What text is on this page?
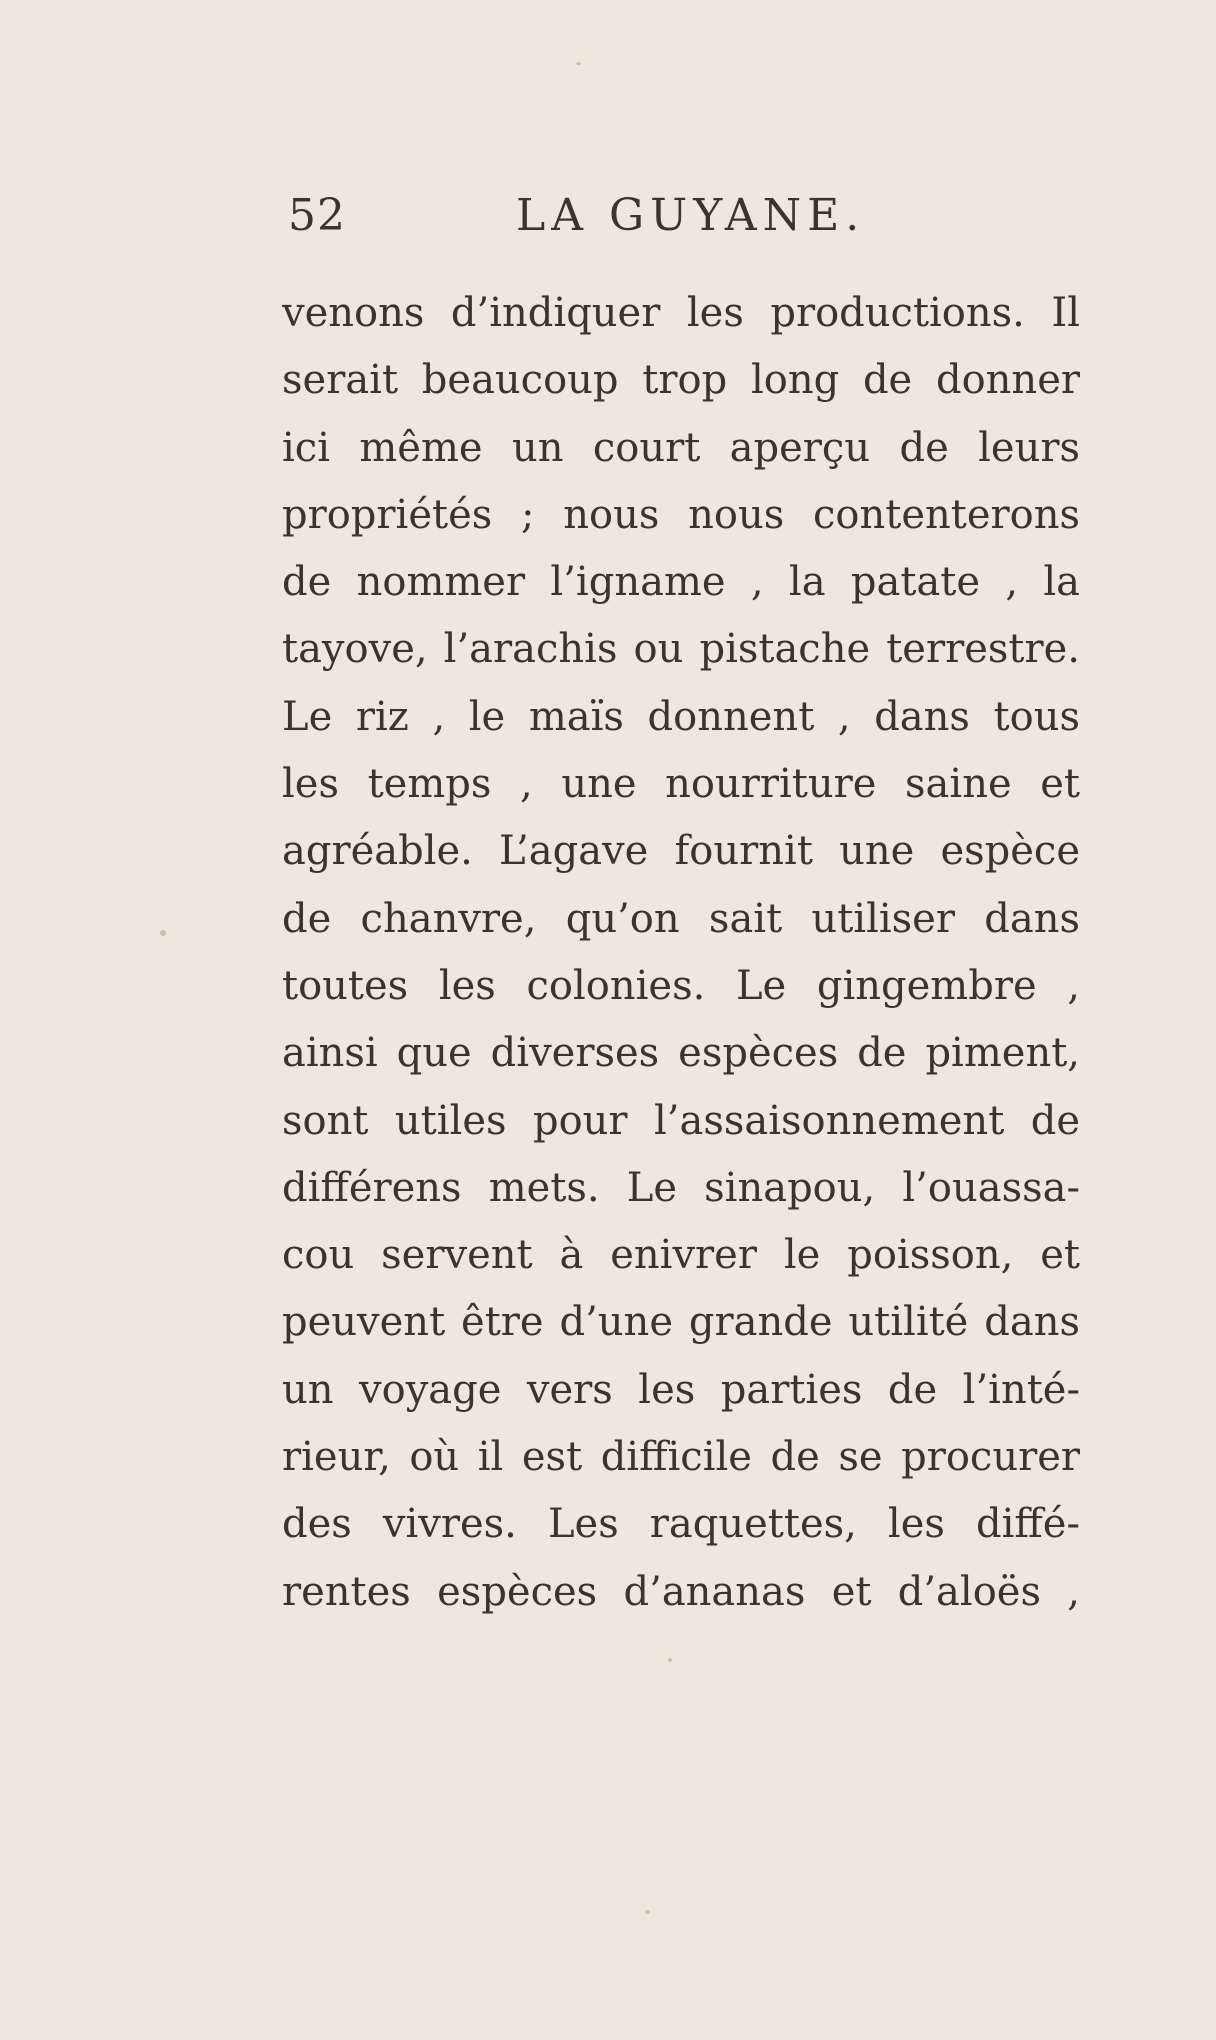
52	LA GUYANE.
venons d’indiquer les productions. Il
serait beaucoup trop long de donner
ici même un court aperçu de leurs
propriétés ; nous nous contenterons
de nommer l’igname , la patate , la
tayove, l’arachis ou pistache terrestre.
Le riz , le maïs donnent , dans tous
les temps , une nourriture saine et
agréable. L’agave fournit une espèce
de chanvre, qu’on sait utiliser dans
toutes les colonies. Le gingembre ,
ainsi que diverses espèces de piment,
sont utiles pour l’assaisonnement de
différens mets. Le sinapou, l’ouassa-
cou servent à enivrer le poisson, et
peuvent être d’une grande utilité dans
un voyage vers les parties de l’inté-
rieur, où il est difficile de se procurer
des vivres. Les raquettes, les diffé-
rentes espèces d’ananas et d’aloës ,
